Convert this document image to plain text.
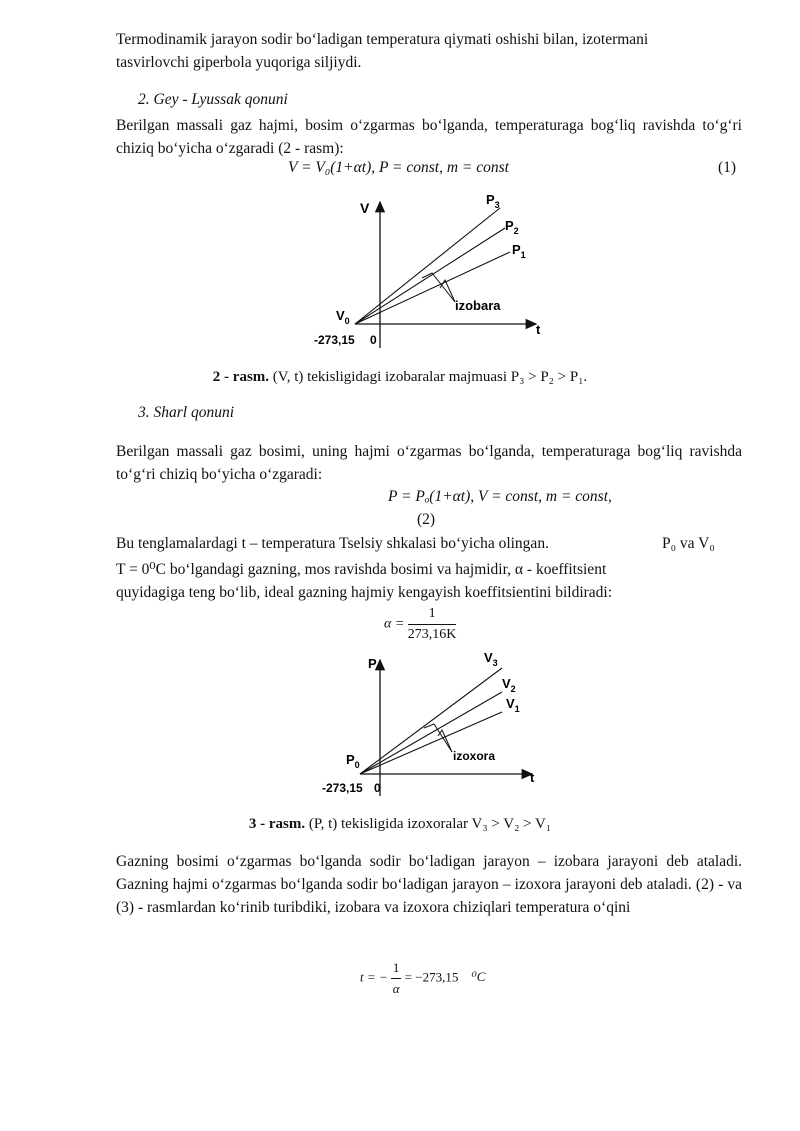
Termodinamik jarayon sodir bo‘ladigan temperatura qiymati oshishi bilan, izotermani

tasvirlovchi giperbola yuqoriga siljiydi.

2. Gey - Lyussak qonuni

Berilgan massali gaz hajmi, bosim o‘zgarmas bo‘lganda, temperaturaga bog‘liq ravishda to‘g‘ri chiziq bo‘yicha o‘zgaradi (2 - rasm):

V = V₀(1+αt), P = const, m = const	(1)
V
t
$V_0$
-273,15 0
$P_3$
$P_2$
$P_1$
izobara
2 - rasm. (V, t) tekisligidagi izobaralar majmuasi P₃ > P₂ > P₁.

3. Sharl qonuni

Berilgan massali gaz bosimi, uning hajmi o‘zgarmas bo‘lganda, temperaturaga bog‘liq ravishda to‘g‘ri chiziq bo‘yicha o‘zgaradi:

P = Pₒ(1+αt), V = const, m = const,
(2)
Bu tenglamalardagi t – temperatura Tselsiy shkalasi bo‘yicha olingan.	P₀ va V₀

T = 0⁰C bo‘lgandagi gazning, mos ravishda bosimi va hajmidir, α - koeffitsient

quyidagiga teng bo‘lib, ideal gazning hajmiy kengayish koeffitsientini bildiradi:

$\alpha = \frac{1}{273,16K}$
P
t
$P_0$
-273,15 0
$V_3$
$V_2$
$V_1$
izoxora
3 - rasm. (P, t) tekisligida izoxoralar V₃ > V₂ > V₁

Gazning bosimi o‘zgarmas bo‘lganda sodir bo‘ladigan jarayon – izobara jarayoni deb ataladi. Gazning hajmi o‘zgarmas bo‘lganda sodir bo‘ladigan jarayon – izoxora jarayoni deb ataladi. (2) - va (3) - rasmlardan ko‘rinib turibdiki, izobara va izoxora chiziqlari temperatura o‘qini

t = − $\frac{1}{\alpha} = -273,15$ ⁰C
